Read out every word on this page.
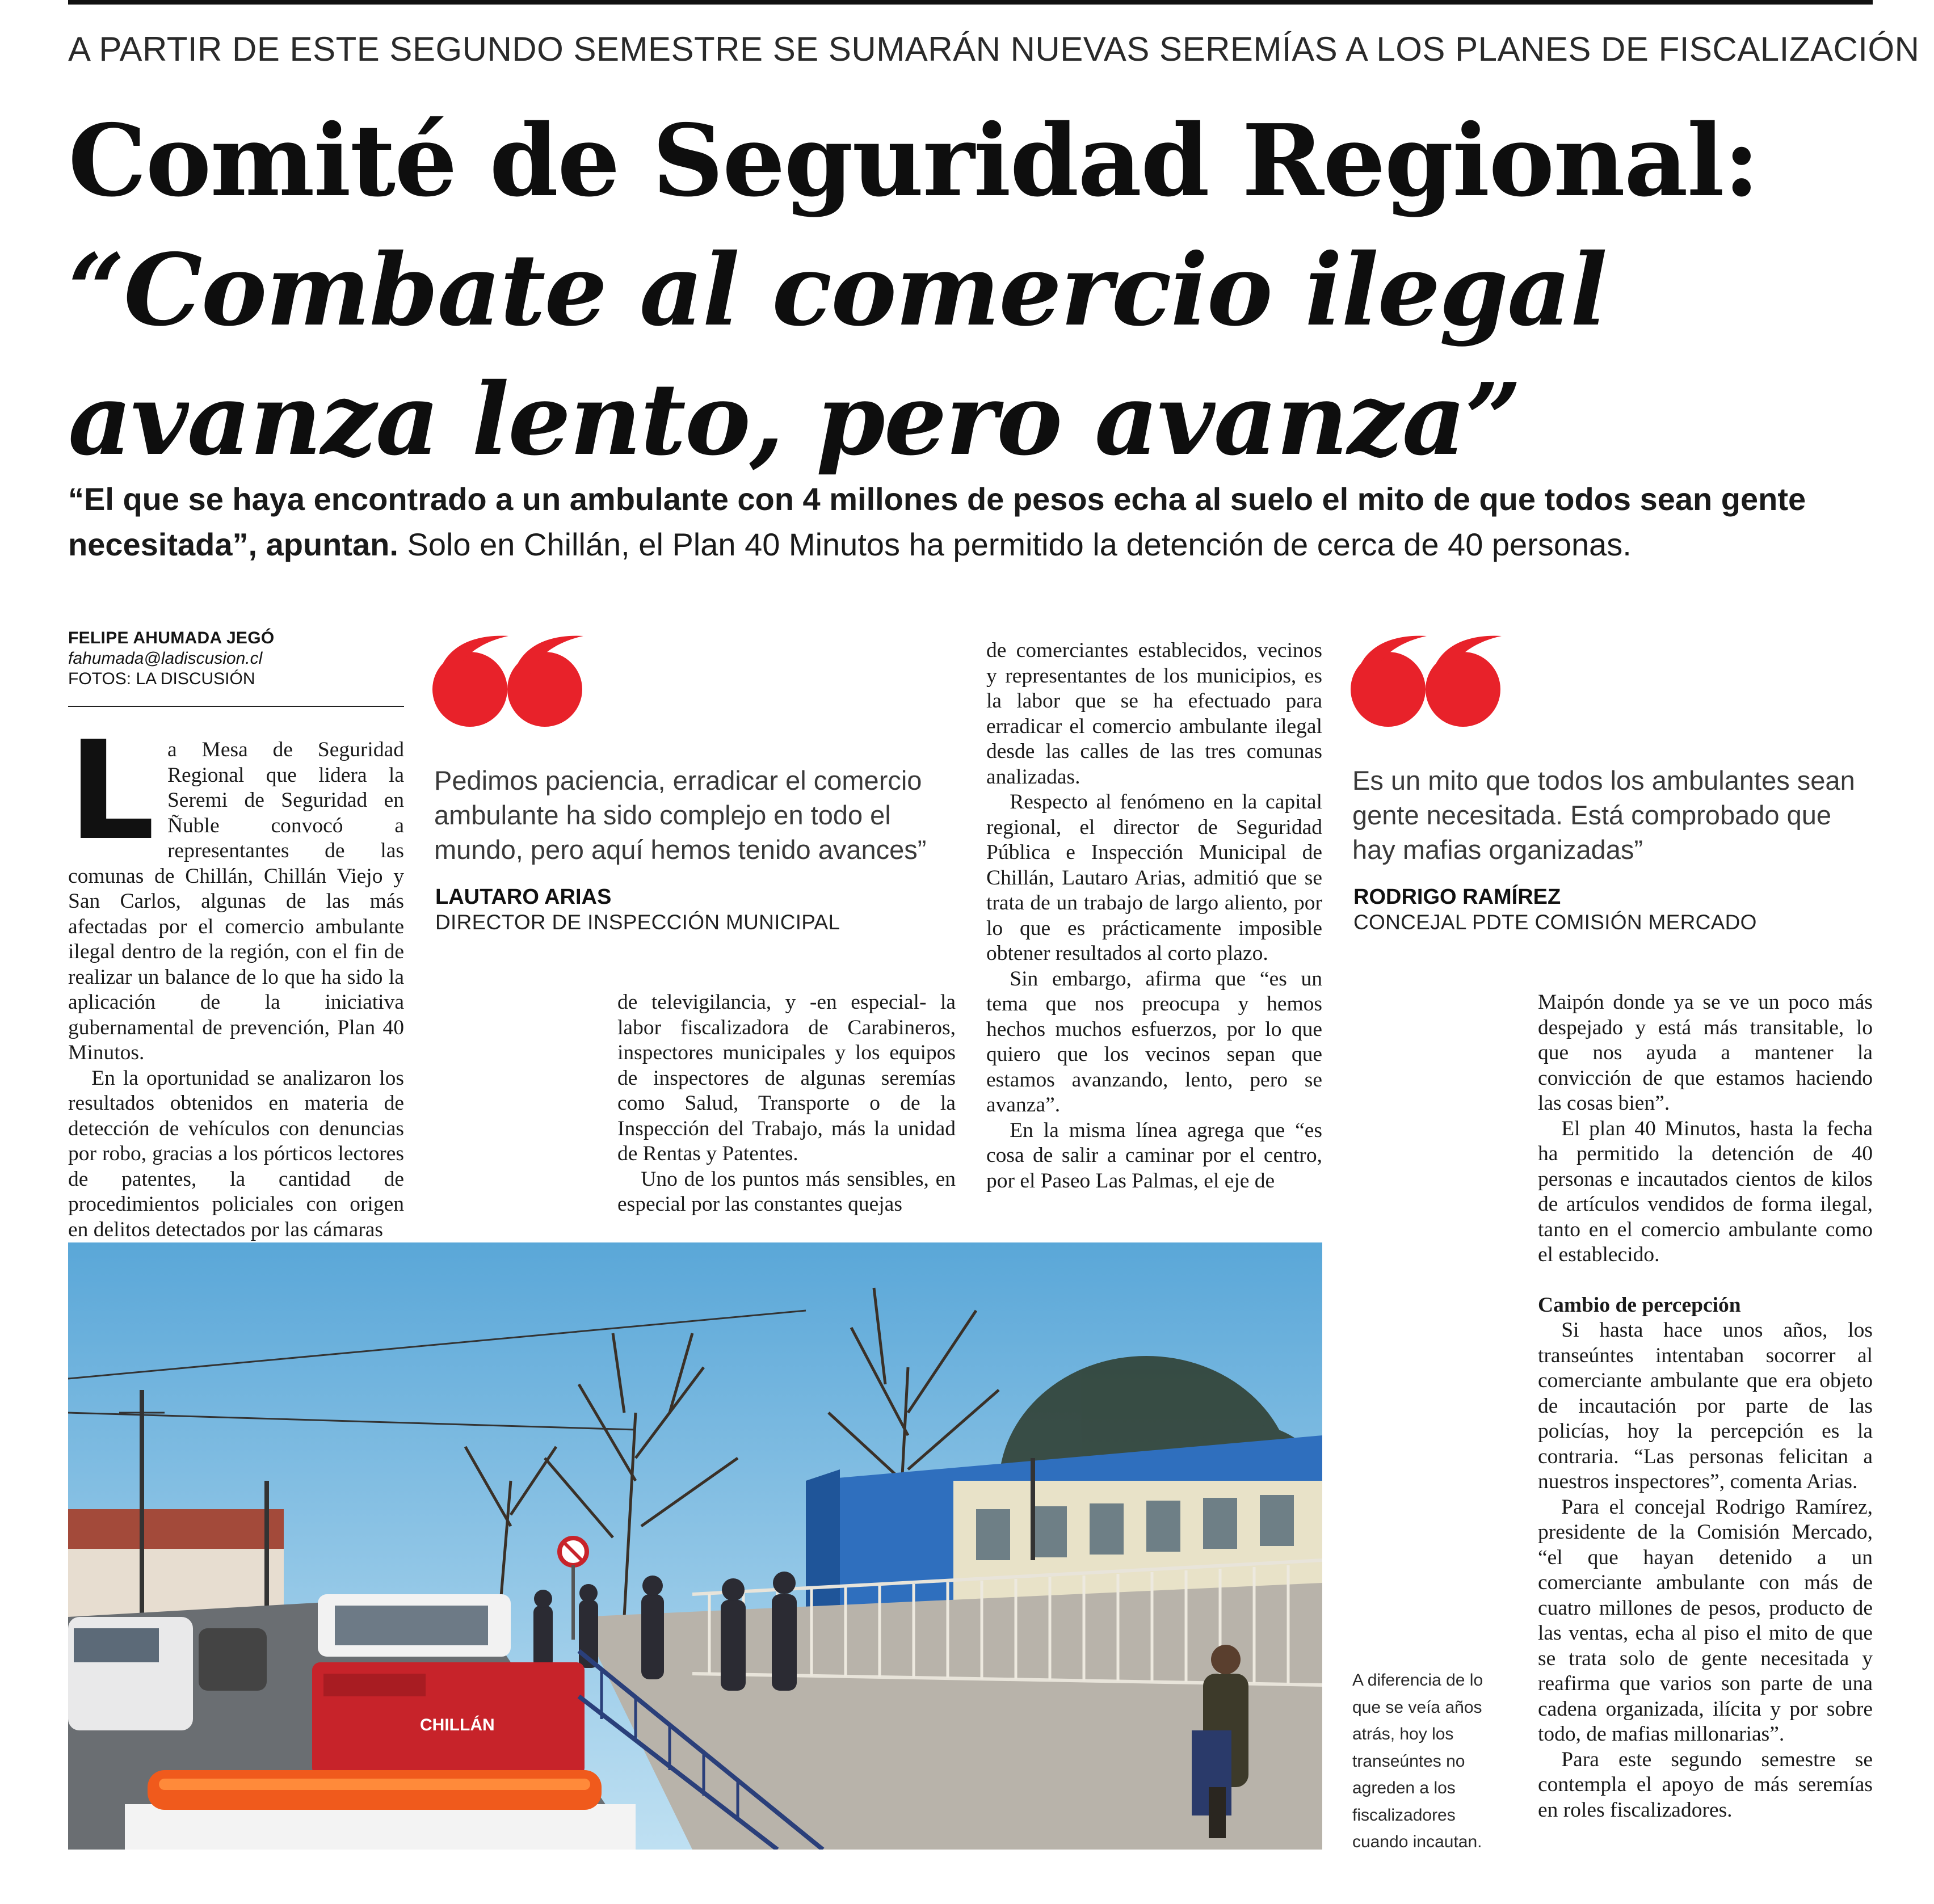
A PARTIR DE ESTE SEGUNDO SEMESTRE SE SUMARÁN NUEVAS SEREMÍAS A LOS PLANES DE FISCALIZACIÓN
Comité de Seguridad Regional:
“Combate al comercio ilegal
avanza lento, pero avanza”

“El que se haya encontrado a un ambulante con 4 millones de pesos echa al suelo el mito de que todos sean gente necesitada”, apuntan. Solo en Chillán, el Plan 40 Minutos ha permitido la detención de cerca de 40 personas.

FELIPE AHUMADA JEGÓ
fahumada@ladiscusion.cl
FOTOS: LA DISCUSIÓN
L a Mesa de Seguridad Regional que lidera la Seremi de Seguridad en Ñuble convocó a representantes de las comunas de Chillán, Chillán Viejo y San Carlos, algunas de las más afectadas por el comercio ambulante ilegal dentro de la región, con el fin de realizar un balance de lo que ha sido la aplicación de la iniciativa gubernamental de prevención, Plan 40 Minutos.

En la oportunidad se analizaron los resultados obtenidos en materia de detección de vehículos con denuncias por robo, gracias a los pórticos lectores de patentes, la cantidad de procedimientos policiales con origen en delitos detectados por las cámaras

Pedimos paciencia, erradicar el comercio ambulante ha sido complejo en todo el mundo, pero aquí hemos tenido avances”
LAUTARO ARIAS
DIRECTOR DE INSPECCIÓN MUNICIPAL

de televigilancia, y -en especial- la labor fiscalizadora de Carabineros, inspectores municipales y los equipos de inspectores de algunas seremías como Salud, Transporte o de la Inspección del Trabajo, más la unidad de Rentas y Patentes.

Uno de los puntos más sensibles, en especial por las constantes quejas

de comerciantes establecidos, vecinos y representantes de los municipios, es la labor que se ha efectuado para erradicar el comercio ambulante ilegal desde las calles de las tres comunas analizadas.

Respecto al fenómeno en la capital regional, el director de Seguridad Pública e Inspección Municipal de Chillán, Lautaro Arias, admitió que se trata de un trabajo de largo aliento, por lo que es prácticamente imposible obtener resultados al corto plazo.

Sin embargo, afirma que “es un tema que nos preocupa y hemos hechos muchos esfuerzos, por lo que quiero que los vecinos sepan que estamos avanzando, lento, pero se avanza”.

En la misma línea agrega que “es cosa de salir a caminar por el centro, por el Paseo Las Palmas, el eje de

Es un mito que todos los ambulantes sean gente necesitada. Está comprobado que hay mafias organizadas”
RODRIGO RAMÍREZ
CONCEJAL PDTE COMISIÓN MERCADO

Maipón donde ya se ve un poco más despejado y está más transitable, lo que nos ayuda a mantener la convicción de que estamos haciendo las cosas bien”.

El plan 40 Minutos, hasta la fecha ha permitido la detención de 40 personas e incautados cientos de kilos de artículos vendidos de forma ilegal, tanto en el comercio ambulante como el establecido.

Cambio de percepción

Si hasta hace unos años, los transeúntes intentaban socorrer al comerciante ambulante que era objeto de incautación por parte de las policías, hoy la percepción es la contraria. “Las personas felicitan a nuestros inspectores”, comenta Arias.

Para el concejal Rodrigo Ramírez, presidente de la Comisión Mercado, “el que hayan detenido a un comerciante ambulante con más de cuatro millones de pesos, producto de las ventas, echa al piso el mito de que se trata solo de gente necesitada y reafirma que varios son parte de una cadena organizada, ilícita y por sobre todo, de mafias millonarias”.

Para este segundo semestre se contempla el apoyo de más seremías en roles fiscalizadores.

CHILLÁN
A diferencia de lo que se veía años atrás, hoy los transeúntes no agreden a los fiscalizadores cuando incautan.
